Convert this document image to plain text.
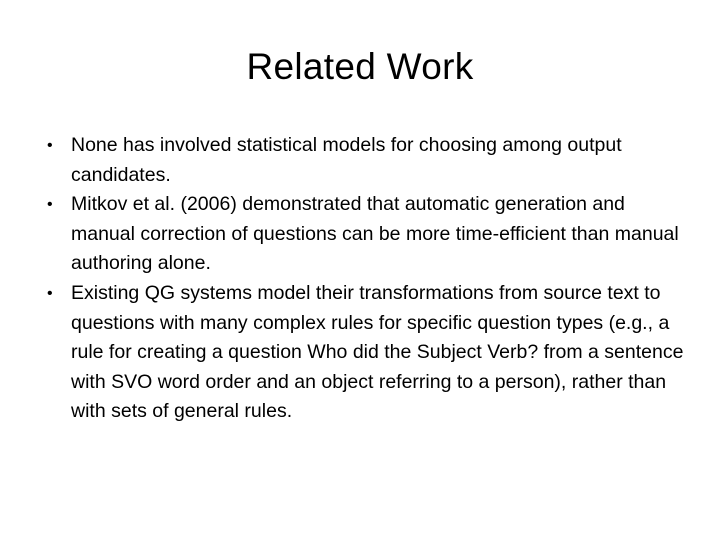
Related Work
• None has involved statistical models for choosing among output candidates.
• Mitkov et al. (2006) demonstrated that automatic generation and manual correction of questions can be more time-efficient than manual authoring alone.
• Existing QG systems model their transformations from source text to questions with many complex rules for specific question types (e.g., a rule for creating a question Who did the Subject Verb? from a sentence with SVO word order and an object referring to a person), rather than with sets of general rules.
